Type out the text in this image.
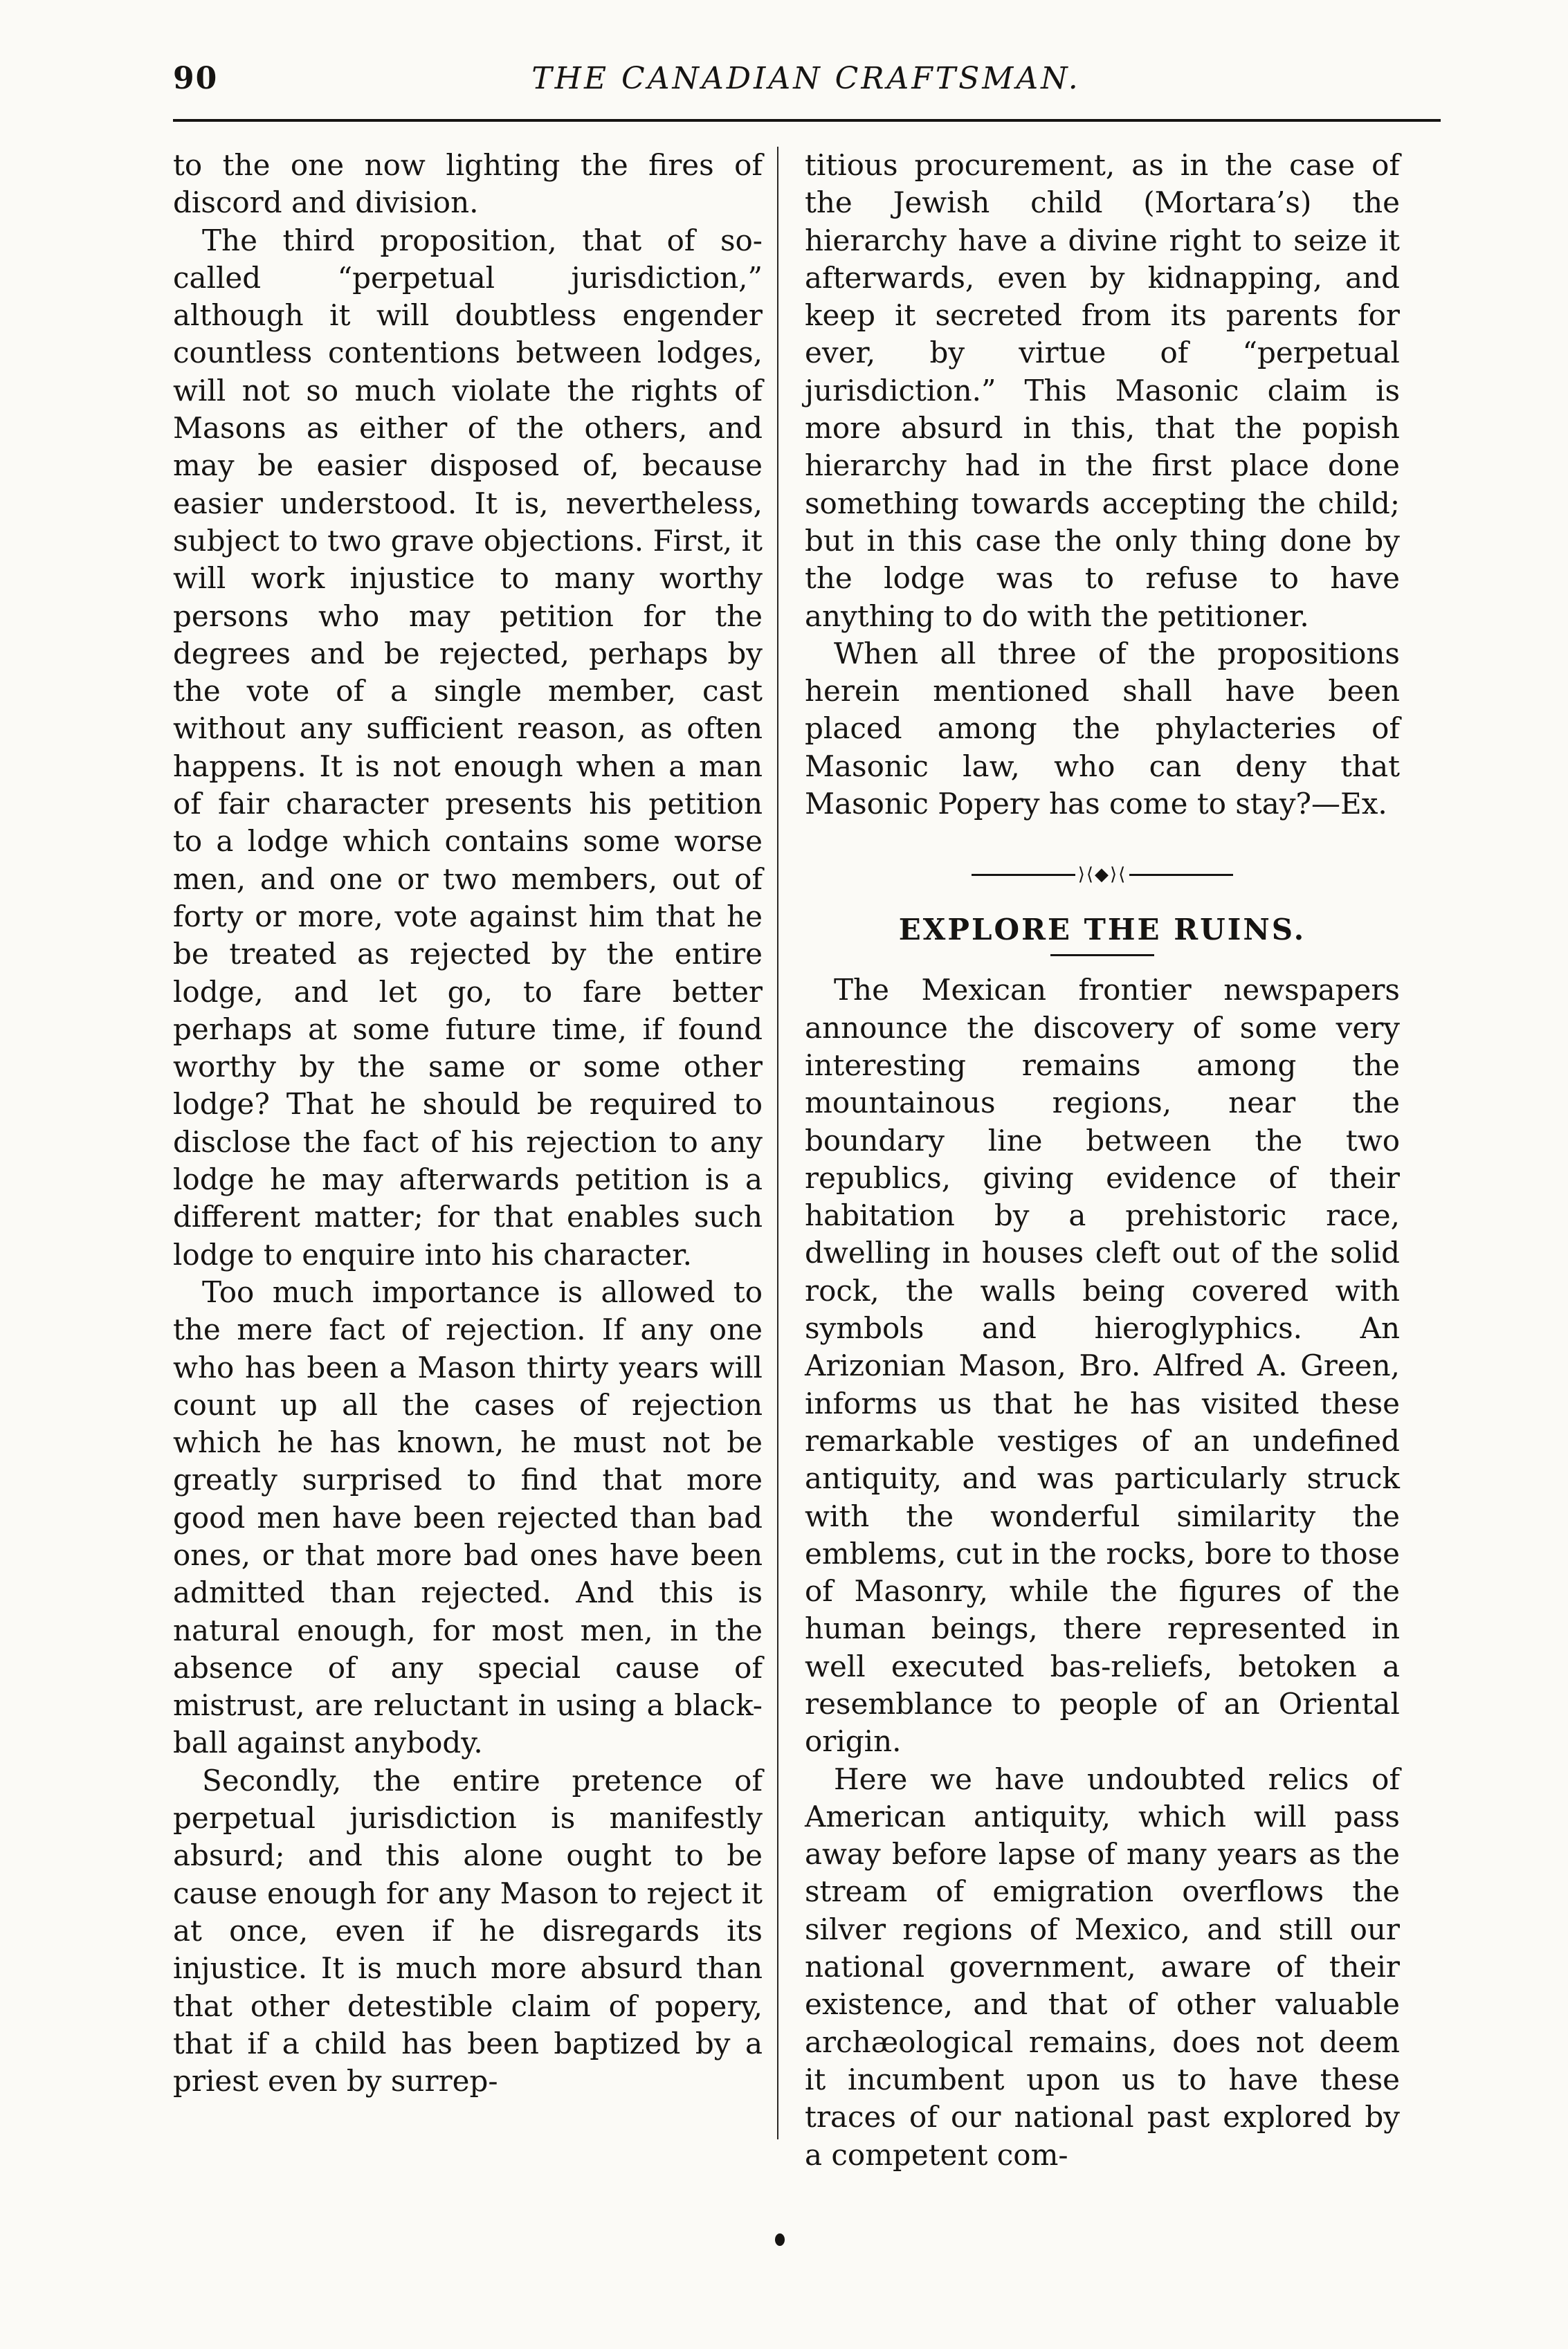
90	THE CANADIAN CRAFTSMAN.

to the one now lighting the fires of discord and division.

The third proposition, that of so-called “perpetual jurisdiction,” although it will doubtless engender countless contentions between lodges, will not so much violate the rights of Masons as either of the others, and may be easier disposed of, because easier understood. It is, nevertheless, subject to two grave objections. First, it will work injustice to many worthy persons who may petition for the degrees and be rejected, perhaps by the vote of a single member, cast without any sufficient reason, as often happens. It is not enough when a man of fair character presents his petition to a lodge which contains some worse men, and one or two members, out of forty or more, vote against him that he be treated as rejected by the entire lodge, and let go, to fare better perhaps at some future time, if found worthy by the same or some other lodge? That he should be required to disclose the fact of his rejection to any lodge he may afterwards petition is a different matter; for that enables such lodge to enquire into his character.

Too much importance is allowed to the mere fact of rejection. If any one who has been a Mason thirty years will count up all the cases of rejection which he has known, he must not be greatly surprised to find that more good men have been rejected than bad ones, or that more bad ones have been admitted than rejected. And this is natural enough, for most men, in the absence of any special cause of mistrust, are reluctant in using a black-ball against anybody.

Secondly, the entire pretence of perpetual jurisdiction is manifestly absurd; and this alone ought to be cause enough for any Mason to reject it at once, even if he disregards its injustice. It is much more absurd than that other detestible claim of popery, that if a child has been baptized by a priest even by surrep-

titious procurement, as in the case of the Jewish child (Mortara’s) the hierarchy have a divine right to seize it afterwards, even by kidnapping, and keep it secreted from its parents for ever, by virtue of “perpetual jurisdiction.” This Masonic claim is more absurd in this, that the popish hierarchy had in the first place done something towards accepting the child; but in this case the only thing done by the lodge was to refuse to have anything to do with the petitioner.

When all three of the propositions herein mentioned shall have been placed among the phylacteries of Masonic law, who can deny that Masonic Popery has come to stay?—Ex.

⟩⟨◆⟩⟨
EXPLORE THE RUINS.

The Mexican frontier newspapers announce the discovery of some very interesting remains among the mountainous regions, near the boundary line between the two republics, giving evidence of their habitation by a prehistoric race, dwelling in houses cleft out of the solid rock, the walls being covered with symbols and hieroglyphics. An Arizonian Mason, Bro. Alfred A. Green, informs us that he has visited these remarkable vestiges of an undefined antiquity, and was particularly struck with the wonderful similarity the emblems, cut in the rocks, bore to those of Masonry, while the figures of the human beings, there represented in well executed bas-reliefs, betoken a resemblance to people of an Oriental origin.

Here we have undoubted relics of American antiquity, which will pass away before lapse of many years as the stream of emigration overflows the silver regions of Mexico, and still our national government, aware of their existence, and that of other valuable archæological remains, does not deem it incumbent upon us to have these traces of our national past explored by a competent com-
